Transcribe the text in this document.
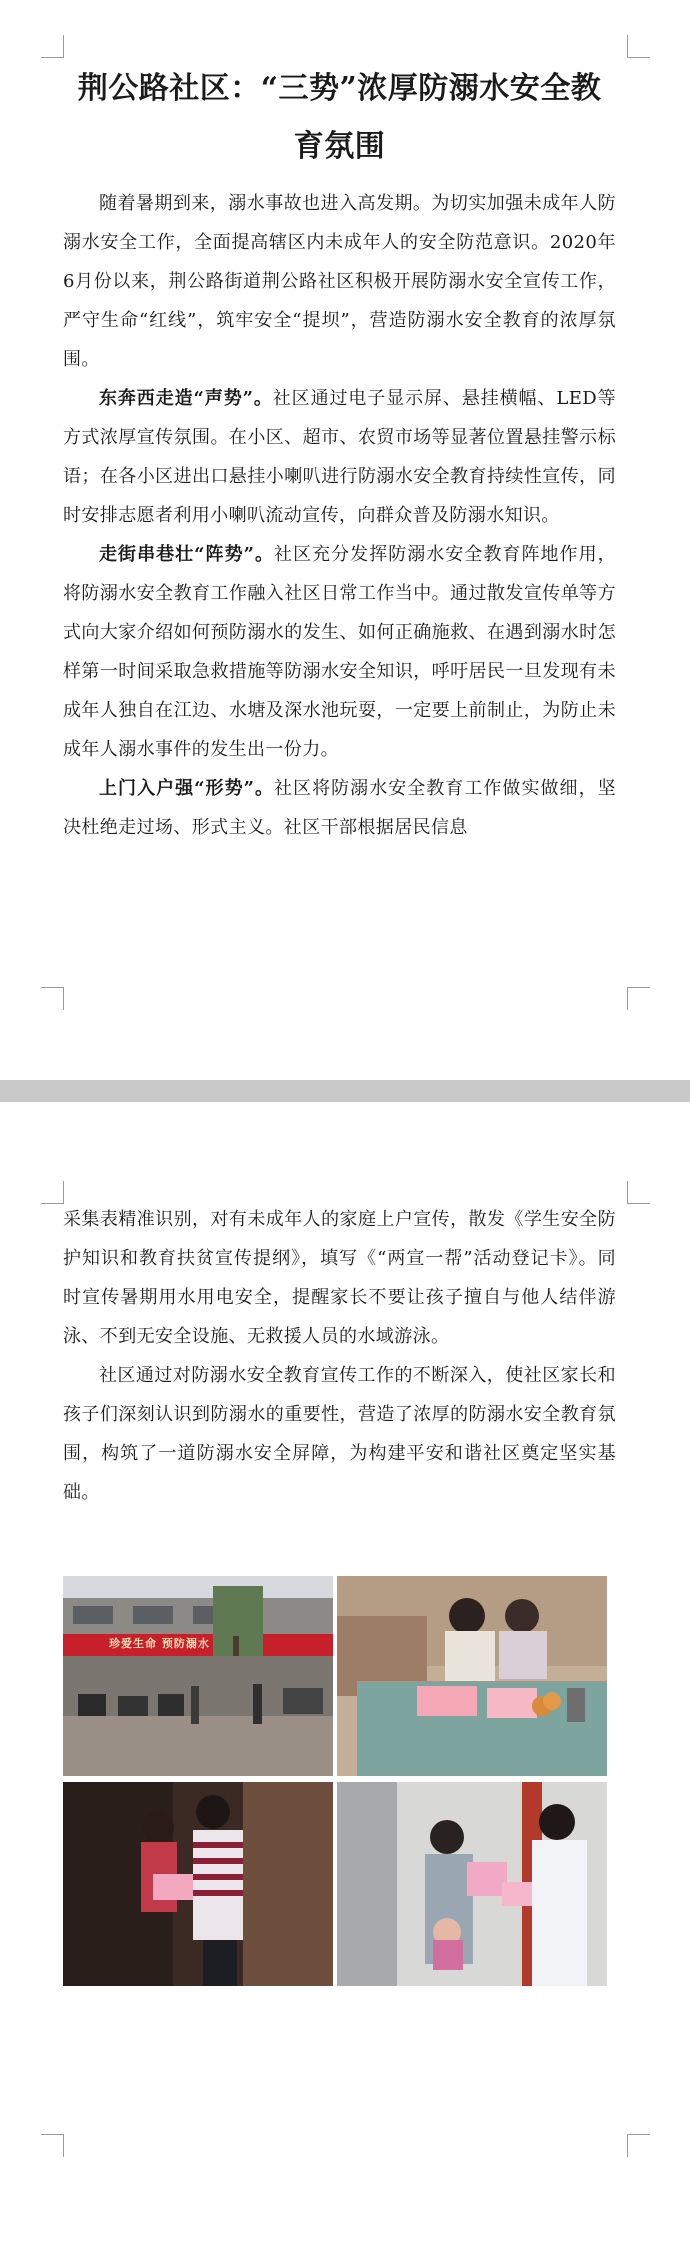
荆公路社区：“三势”浓厚防溺水安全教育氛围

随着暑期到来，溺水事故也进入高发期。为切实加强未成年人防溺水安全工作，全面提高辖区内未成年人的安全防范意识。2020年6月份以来，荆公路街道荆公路社区积极开展防溺水安全宣传工作，严守生命“红线”，筑牢安全“提坝”，营造防溺水安全教育的浓厚氛围。

东奔西走造“声势”。社区通过电子显示屏、悬挂横幅、LED等方式浓厚宣传氛围。在小区、超市、农贸市场等显著位置悬挂警示标语；在各小区进出口悬挂小喇叭进行防溺水安全教育持续性宣传，同时安排志愿者利用小喇叭流动宣传，向群众普及防溺水知识。

走街串巷壮“阵势”。社区充分发挥防溺水安全教育阵地作用，将防溺水安全教育工作融入社区日常工作当中。通过散发宣传单等方式向大家介绍如何预防溺水的发生、如何正确施救、在遇到溺水时怎样第一时间采取急救措施等防溺水安全知识，呼吁居民一旦发现有未成年人独自在江边、水塘及深水池玩耍，一定要上前制止，为防止未成年人溺水事件的发生出一份力。

上门入户强“形势”。社区将防溺水安全教育工作做实做细，坚决杜绝走过场、形式主义。社区干部根据居民信息

采集表精准识别，对有未成年人的家庭上户宣传，散发《学生安全防护知识和教育扶贫宣传提纲》，填写《“两宣一帮”活动登记卡》。同时宣传暑期用水用电安全，提醒家长不要让孩子擅自与他人结伴游泳、不到无安全设施、无救援人员的水域游泳。

社区通过对防溺水安全教育宣传工作的不断深入，使社区家长和孩子们深刻认识到防溺水的重要性，营造了浓厚的防溺水安全教育氛围，构筑了一道防溺水安全屏障，为构建平安和谐社区奠定坚实基础。

珍爱生命 预防溺水
